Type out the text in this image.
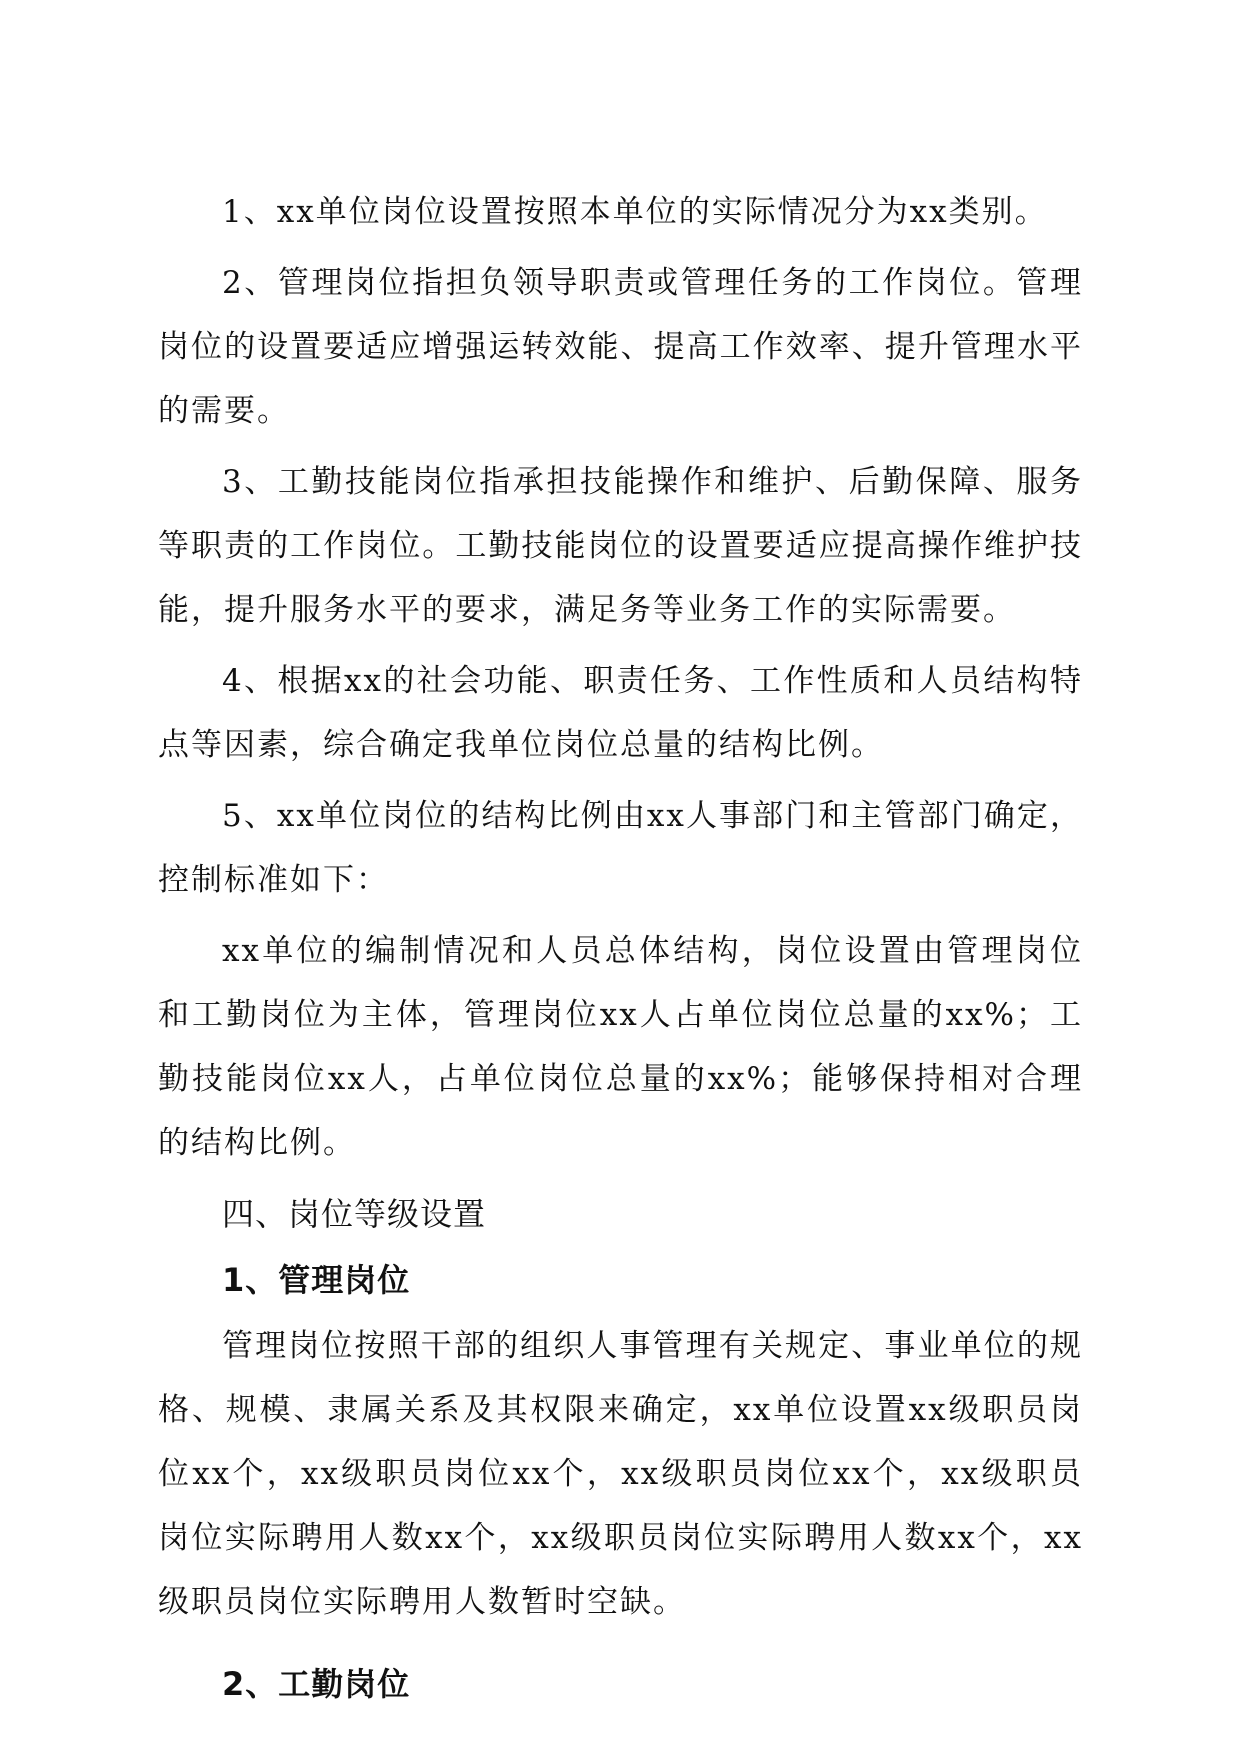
1、xx单位岗位设置按照本单位的实际情况分为xx类别。

2、管理岗位指担负领导职责或管理任务的工作岗位。管理岗位的设置要适应增强运转效能、提高工作效率、提升管理水平的需要。

3、工勤技能岗位指承担技能操作和维护、后勤保障、服务等职责的工作岗位。工勤技能岗位的设置要适应提高操作维护技能，提升服务水平的要求，满足务等业务工作的实际需要。

4、根据xx的社会功能、职责任务、工作性质和人员结构特点等因素，综合确定我单位岗位总量的结构比例。

5、xx单位岗位的结构比例由xx人事部门和主管部门确定，控制标准如下：

xx单位的编制情况和人员总体结构，岗位设置由管理岗位和工勤岗位为主体，管理岗位xx人占单位岗位总量的xx%；工勤技能岗位xx人，占单位岗位总量的xx%；能够保持相对合理的结构比例。

四、岗位等级设置

1、管理岗位

管理岗位按照干部的组织人事管理有关规定、事业单位的规格、规模、隶属关系及其权限来确定，xx单位设置xx级职员岗位xx个，xx级职员岗位xx个，xx级职员岗位xx个，xx级职员岗位实际聘用人数xx个，xx级职员岗位实际聘用人数xx个，xx级职员岗位实际聘用人数暂时空缺。

2、工勤岗位
